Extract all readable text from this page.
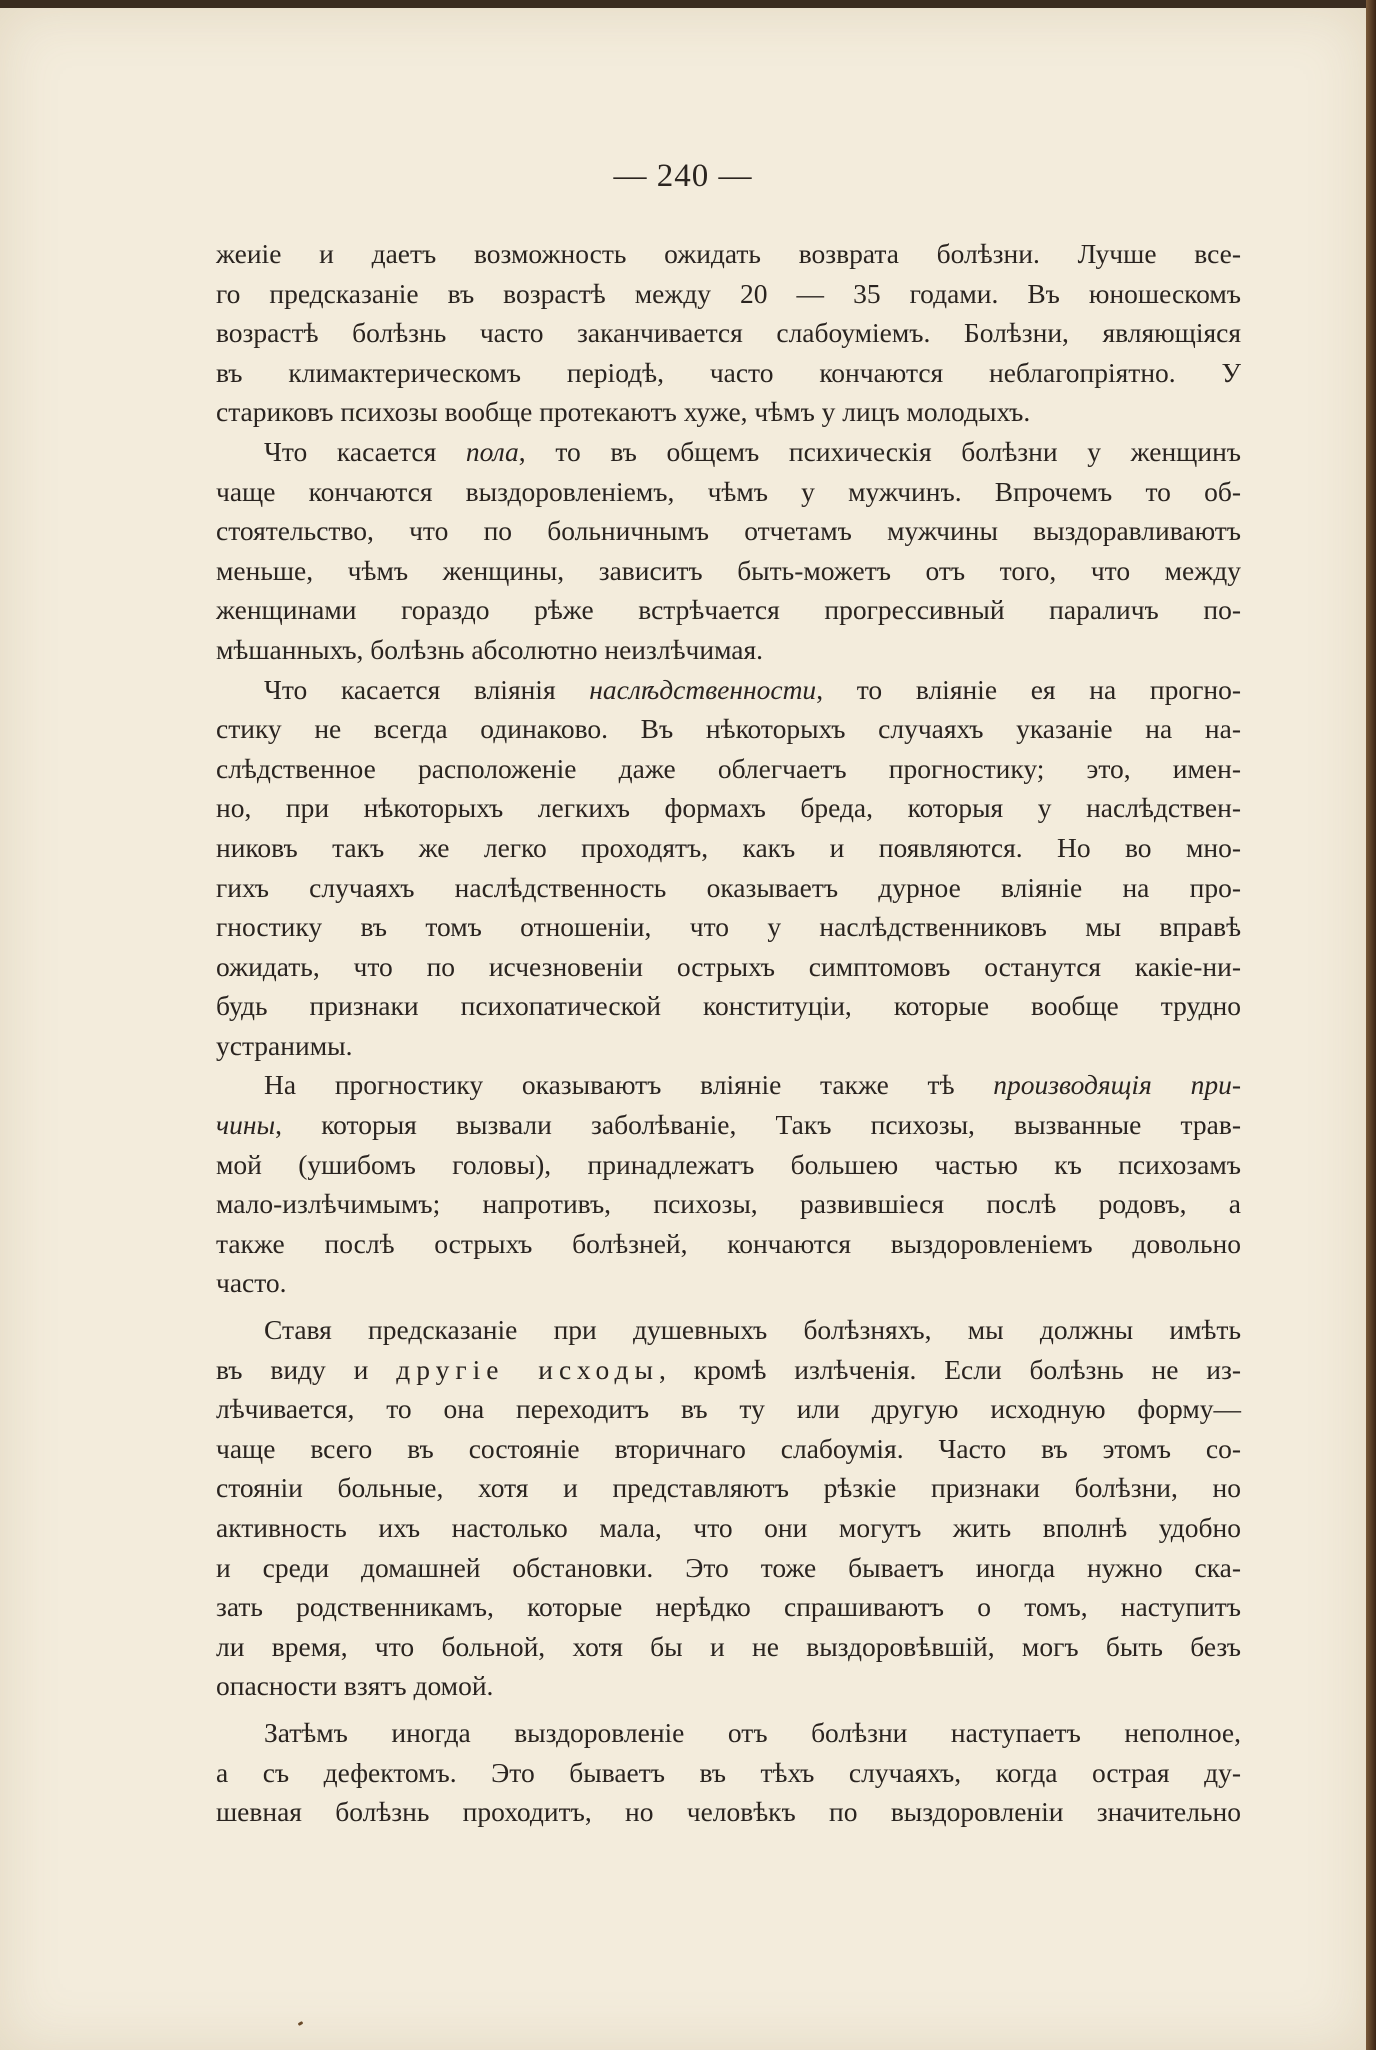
— 240 —
жеиіе и даетъ возможность ожидать возврата болѣзни. Лучше все-
го предсказаніе въ возрастѣ между 20 — 35 годами. Въ юношескомъ
возрастѣ болѣзнь часто заканчивается слабоуміемъ. Болѣзни, являющіяся
въ климактерическомъ періодѣ, часто кончаются неблагопріятно. У
стариковъ психозы вообще протекаютъ хуже, чѣмъ у лицъ молодыхъ.
Что касается пола, то въ общемъ психическія болѣзни у женщинъ
чаще кончаются выздоровленіемъ, чѣмъ у мужчинъ. Впрочемъ то об-
стоятельство, что по больничнымъ отчетамъ мужчины выздоравливаютъ
меньше, чѣмъ женщины, зависитъ быть-можетъ отъ того, что между
женщинами гораздо рѣже встрѣчается прогрессивный параличъ по-
мѣшанныхъ, болѣзнь абсолютно неизлѣчимая.
Что касается вліянія наслѣдственности, то вліяніе ея на прогно-
стику не всегда одинаково. Въ нѣкоторыхъ случаяхъ указаніе на на-
слѣдственное расположеніе даже облегчаетъ прогностику; это, имен-
но, при нѣкоторыхъ легкихъ формахъ бреда, которыя у наслѣдствен-
никовъ такъ же легко проходятъ, какъ и появляются. Но во мно-
гихъ случаяхъ наслѣдственность оказываетъ дурное вліяніе на про-
гностику въ томъ отношеніи, что у наслѣдственниковъ мы вправѣ
ожидать, что по исчезновеніи острыхъ симптомовъ останутся какіе-ни-
будь признаки психопатической конституціи, которые вообще трудно
устранимы.
На прогностику оказываютъ вліяніе также тѣ производящія при-
чины, которыя вызвали заболѣваніе, Такъ психозы, вызванные трав-
мой (ушибомъ головы), принадлежатъ большею частью къ психозамъ
мало-излѣчимымъ; напротивъ, психозы, развившіеся послѣ родовъ, а
также послѣ острыхъ болѣзней, кончаются выздоровленіемъ довольно
часто.
Ставя предсказаніе при душевныхъ болѣзняхъ, мы должны имѣть
въ виду и другіе исходы, кромѣ излѣченія. Если болѣзнь не из-
лѣчивается, то она переходитъ въ ту или другую исходную форму—
чаще всего въ состояніе вторичнаго слабоумія. Часто въ этомъ со-
стояніи больные, хотя и представляютъ рѣзкіе признаки болѣзни, но
активность ихъ настолько мала, что они могутъ жить вполнѣ удобно
и среди домашней обстановки. Это тоже бываетъ иногда нужно ска-
зать родственникамъ, которые нерѣдко спрашиваютъ о томъ, наступитъ
ли время, что больной, хотя бы и не выздоровѣвшій, могъ быть безъ
опасности взятъ домой.
Затѣмъ иногда выздоровленіе отъ болѣзни наступаетъ неполное,
а съ дефектомъ. Это бываетъ въ тѣхъ случаяхъ, когда острая ду-
шевная болѣзнь проходитъ, но человѣкъ по выздоровленіи значительно
